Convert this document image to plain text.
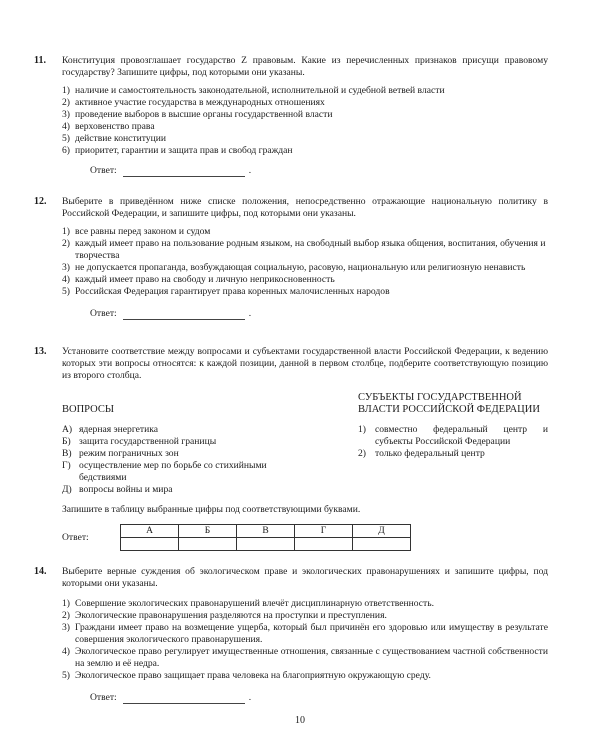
11. Конституция провозглашает государство Z правовым. Какие из перечисленных признаков присущи правовому государству? Запишите цифры, под которыми они указаны.

1) наличие и самостоятельность законодательной, исполнительной и судебной ветвей власти
2) активное участие государства в международных отношениях
3) проведение выборов в высшие органы государственной власти
4) верховенство права
5) действие конституции
6) приоритет, гарантии и защита прав и свобод граждан
Ответ:	.
12. Выберите в приведённом ниже списке положения, непосредственно отражающие национальную политику в Российской Федерации, и запишите цифры, под которыми они указаны.

1) все равны перед законом и судом
2) каждый имеет право на пользование родным языком, на свободный выбор языка общения, воспитания, обучения и творчества
3) не допускается пропаганда, возбуждающая социальную, расовую, национальную или религиозную ненависть
4) каждый имеет право на свободу и личную неприкосновенность
5) Российская Федерация гарантирует права коренных малочисленных народов
Ответ:	.
13. Установите соответствие между вопросами и субъектами государственной власти Российской Федерации, к ведению которых эти вопросы относятся: к каждой позиции, данной в первом столбце, подберите соответствующую позицию из второго столбца.

ВОПРОСЫ
А) ядерная энергетика
Б) защита государственной границы
В) режим пограничных зон
Г) осуществление мер по борьбе со стихийными бедствиями
Д) вопросы войны и мира
СУБЪЕКТЫ ГОСУДАРСТВЕННОЙ ВЛАСТИ РОССИЙСКОЙ ФЕДЕРАЦИИ
1) совместно федеральный центр и субъекты Российской Федерации
2) только федеральный центр
Запишите в таблицу выбранные цифры под соответствующими буквами.
Ответ:
А	Б	В	Г	Д

14. Выберите верные суждения об экологическом праве и экологических правонарушениях и запишите цифры, под которыми они указаны.

1) Совершение экологических правонарушений влечёт дисциплинарную ответственность.
2) Экологические правонарушения разделяются на проступки и преступления.
3) Граждани имеет право на возмещение ущерба, который был причинён его здоровью или имуществу в результате совершения экологического правонарушения.
4) Экологическое право регулирует имущественные отношения, связанные с существованием частной собственности на землю и её недра.
5) Экологическое право защищает права человека на благоприятную окружающую среду.
Ответ:	.
10
